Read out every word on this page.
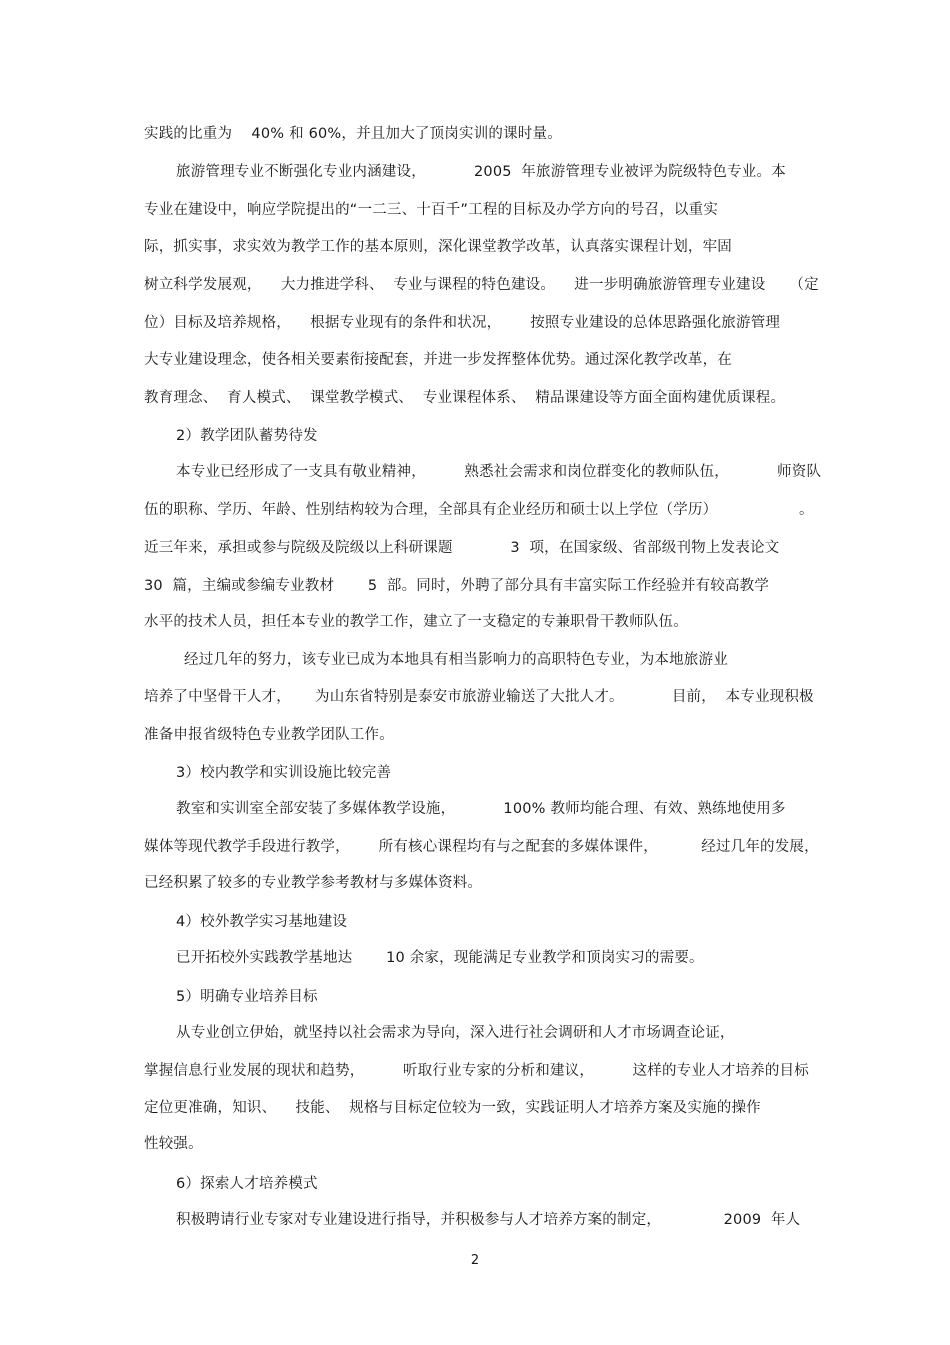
实践的比重为    40% 和 60%，并且加大了顶岗实训的课时量。
旅游管理专业不断强化专业内涵建设，          2005  年旅游管理专业被评为院级特色专业。本
专业在建设中，响应学院提出的“一二三、十百千”工程的目标及办学方向的号召，以重实
际，抓实事，求实效为教学工作的基本原则，深化课堂教学改革，认真落实课程计划，牢固
树立科学发展观，    大力推进学科、  专业与课程的特色建设。    进一步明确旅游管理专业建设     （定
位）目标及培养规格，    根据专业现有的条件和状况，      按照专业建设的总体思路强化旅游管理
大专业建设理念，使各相关要素衔接配套，并进一步发挥整体优势。通过深化教学改革，在
教育理念、  育人模式、  课堂教学模式、  专业课程体系、  精品课建设等方面全面构建优质课程。
2）教学团队蓄势待发
本专业已经形成了一支具有敬业精神，        熟悉社会需求和岗位群变化的教师队伍，          师资队
伍的职称、学历、年龄、性别结构较为合理，全部具有企业经历和硕士以上学位（学历）                 。
近三年来，承担或参与院级及院级以上科研课题            3  项，在国家级、省部级刊物上发表论文
30  篇，主编或参编专业教材       5  部。同时，外聘了部分具有丰富实际工作经验并有较高教学
水平的技术人员，担任本专业的教学工作，建立了一支稳定的专兼职骨干教师队伍。
经过几年的努力，该专业已成为本地具有相当影响力的高职特色专业，为本地旅游业
培养了中坚骨干人才，     为山东省特别是泰安市旅游业输送了大批人才。          目前，  本专业现积极
准备申报省级特色专业教学团队工作。
3）校内教学和实训设施比较完善
教室和实训室全部安装了多媒体教学设施，          100% 教师均能合理、有效、熟练地使用多
媒体等现代教学手段进行教学，      所有核心课程均有与之配套的多媒体课件，         经过几年的发展，
已经积累了较多的专业教学参考教材与多媒体资料。
4）校外教学实习基地建设
已开拓校外实践教学基地达       10 余家，现能满足专业教学和顶岗实习的需要。
5）明确专业培养目标
从专业创立伊始，就坚持以社会需求为导向，深入进行社会调研和人才市场调查论证，
掌握信息行业发展的现状和趋势，        听取行业专家的分析和建议，        这样的专业人才培养的目标
定位更准确，知识、    技能、  规格与目标定位较为一致，实践证明人才培养方案及实施的操作
性较强。
6）探索人才培养模式
积极聘请行业专家对专业建设进行指导，并积极参与人才培养方案的制定，             2009  年人
2
